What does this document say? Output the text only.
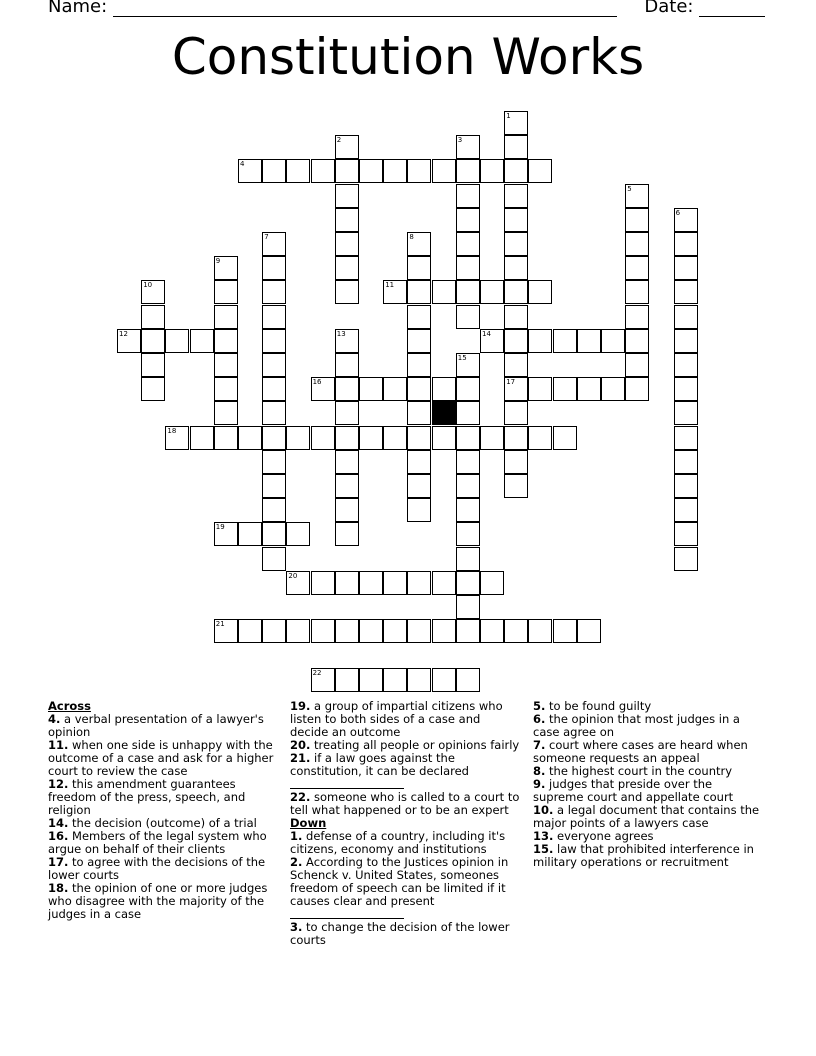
Name:	Date:
Constitution Works
1
17
2	3
4
5
6
7	8
9
10	11
12	13	14
15
16
18
19
20
21
22
Across
4. a verbal presentation of a lawyer's opinion
11. when one side is unhappy with the outcome of a case and ask for a higher court to review the case
12. this amendment guarantees freedom of the press, speech, and religion
14. the decision (outcome) of a trial
16. Members of the legal system who argue on behalf of their clients
17. to agree with the decisions of the lower courts
18. the opinion of one or more judges who disagree with the majority of the judges in a case
19. a group of impartial citizens who listen to both sides of a case and decide an outcome
20. treating all people or opinions fairly
21. if a law goes against the constitution, it can be declared
22. someone who is called to a court to tell what happened or to be an expert
Down
1. defense of a country, including it's citizens, economy and institutions
2. According to the Justices opinion in Schenck v. United States, someones freedom of speech can be limited if it causes clear and present
3. to change the decision of the lower courts
5. to be found guilty
6. the opinion that most judges in a case agree on
7. court where cases are heard when someone requests an appeal
8. the highest court in the country
9. judges that preside over the supreme court and appellate court
10. a legal document that contains the major points of a lawyers case
13. everyone agrees
15. law that prohibited interference in military operations or recruitment
